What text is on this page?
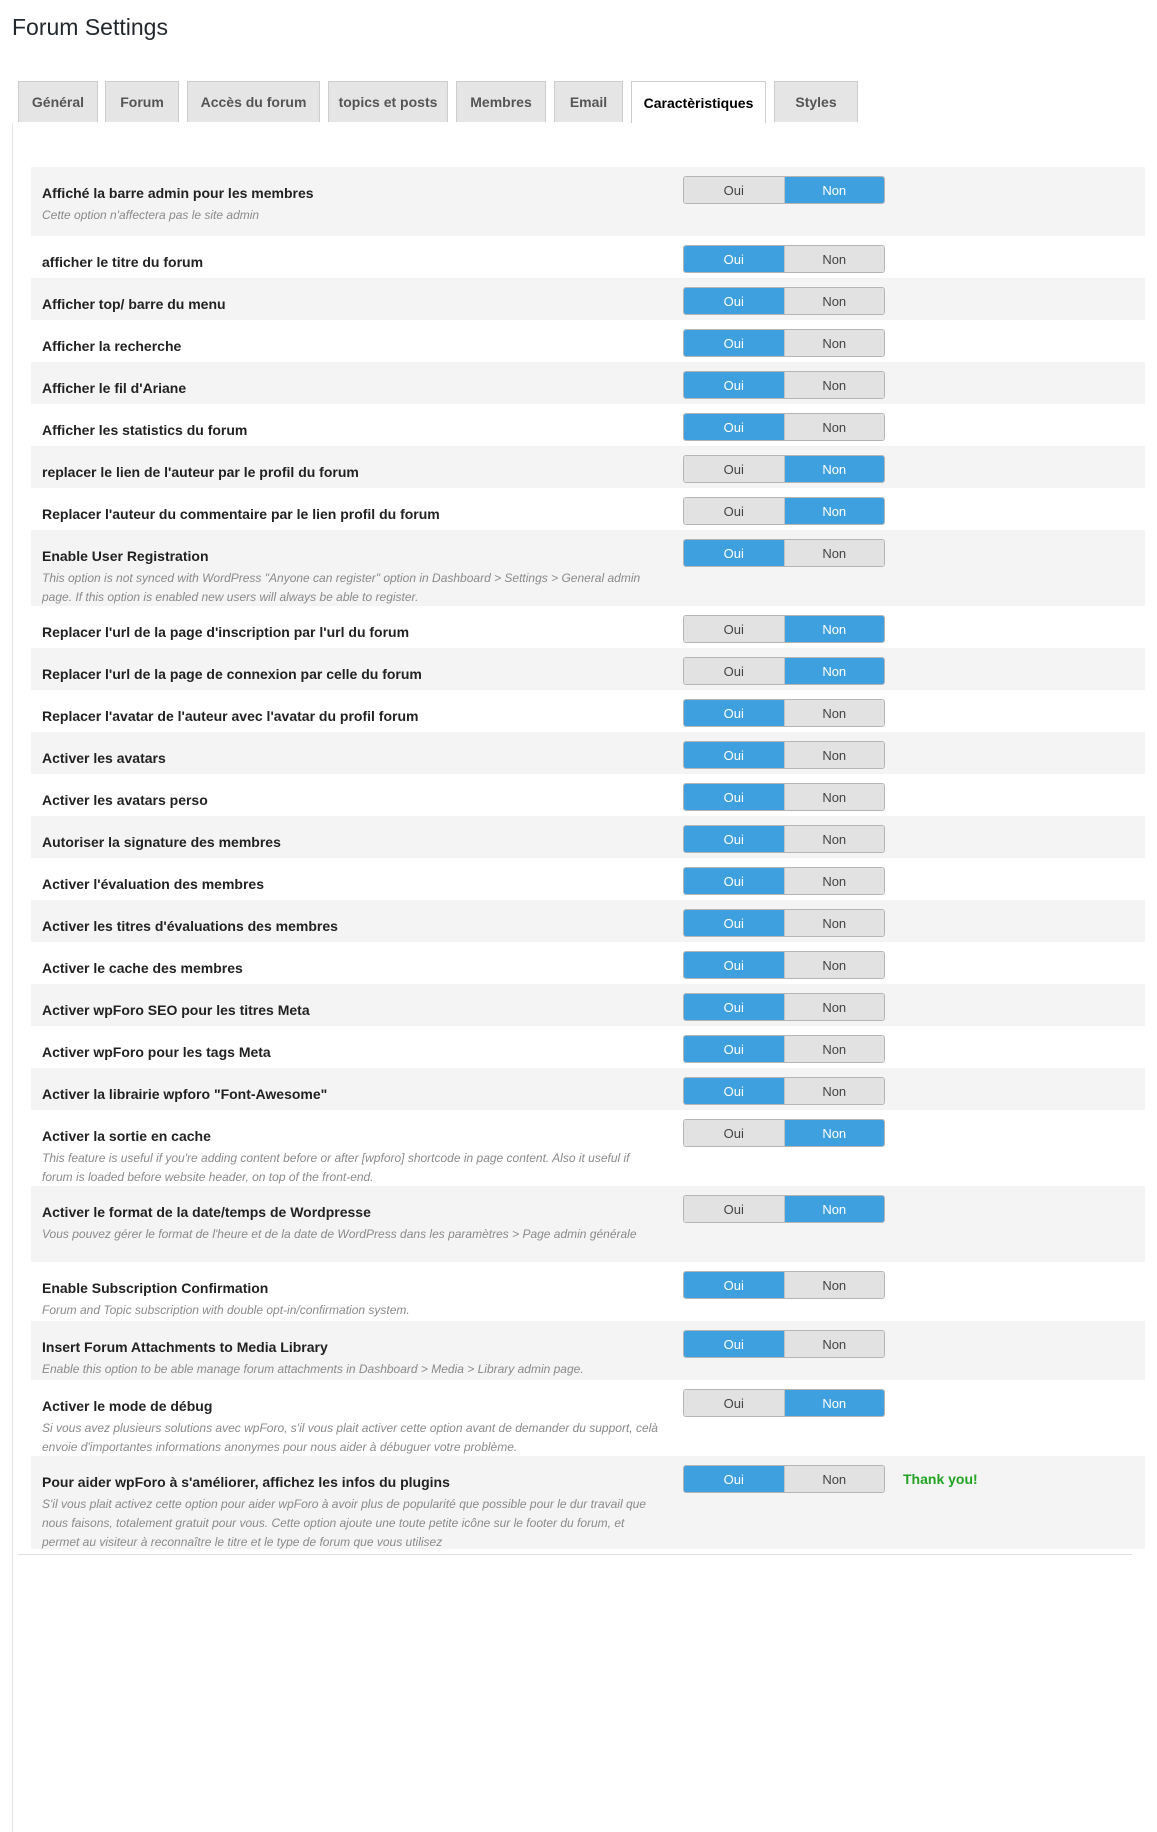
Forum Settings
Général	Forum	Accès du forum	topics et posts	Membres	Email	Caractèristiques	Styles
Affiché la barre admin pour les membres
Cette option n'affectera pas le site admin
Oui	Non
afficher le titre du forum	Oui	Non
Afficher top/ barre du menu	Oui	Non
Afficher la recherche	Oui	Non
Afficher le fil d'Ariane	Oui	Non
Afficher les statistics du forum	Oui	Non
replacer le lien de l'auteur par le profil du forum	Oui	Non
Replacer l'auteur du commentaire par le lien profil du forum	Oui	Non
Enable User Registration
This option is not synced with WordPress "Anyone can register" option in Dashboard > Settings > General admin page. If this option is enabled new users will always be able to register.
Oui	Non
Replacer l'url de la page d'inscription par l'url du forum	Oui	Non
Replacer l'url de la page de connexion par celle du forum	Oui	Non
Replacer l'avatar de l'auteur avec l'avatar du profil forum	Oui	Non
Activer les avatars	Oui	Non
Activer les avatars perso	Oui	Non
Autoriser la signature des membres	Oui	Non
Activer l'évaluation des membres	Oui	Non
Activer les titres d'évaluations des membres	Oui	Non
Activer le cache des membres	Oui	Non
Activer wpForo SEO pour les titres Meta	Oui	Non
Activer wpForo pour les tags Meta	Oui	Non
Activer la librairie wpforo "Font-Awesome"	Oui	Non
Activer la sortie en cache
This feature is useful if you're adding content before or after [wpforo] shortcode in page content. Also it useful if forum is loaded before website header, on top of the front-end.
Oui	Non
Activer le format de la date/temps de Wordpresse
Vous pouvez gérer le format de l'heure et de la date de WordPress dans les paramètres > Page admin générale
Oui	Non
Enable Subscription Confirmation
Forum and Topic subscription with double opt-in/confirmation system.
Oui	Non
Insert Forum Attachments to Media Library
Enable this option to be able manage forum attachments in Dashboard > Media > Library admin page.
Oui	Non
Activer le mode de débug
Si vous avez plusieurs solutions avec wpForo, s'il vous plait activer cette option avant de demander du support, celà envoie d'importantes informations anonymes pour nous aider à débuguer votre problème.
Oui	Non
Pour aider wpForo à s'améliorer, affichez les infos du plugins
S'il vous plait activez cette option pour aider wpForo à avoir plus de popularité que possible pour le dur travail que nous faisons, totalement gratuit pour vous. Cette option ajoute une toute petite icône sur le footer du forum, et permet au visiteur à reconnaître le titre et le type de forum que vous utilisez
Oui	Non	Thank you!
